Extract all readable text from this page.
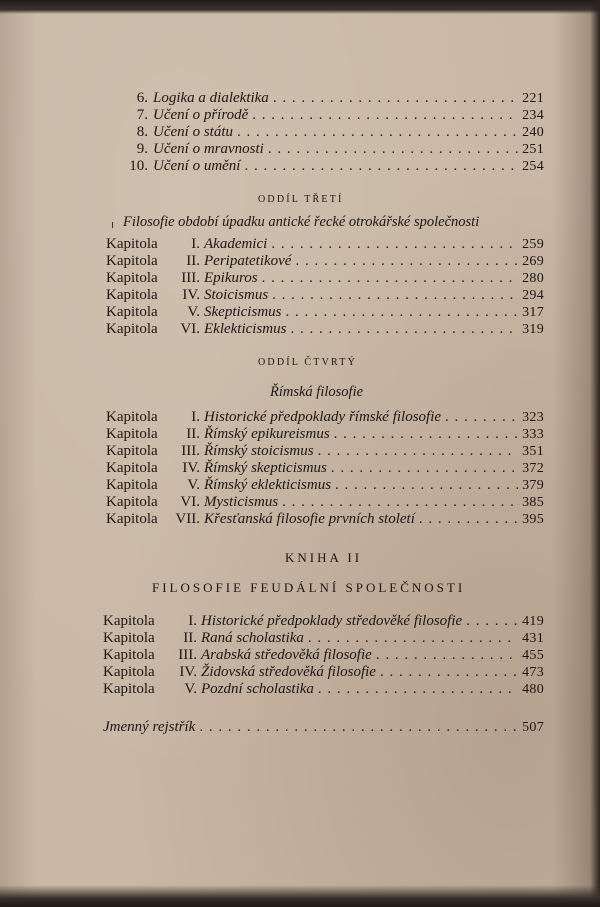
6. Logika a dialektika . . .	221
7. Učení o přírodě . . .	234
8. Učení o státu . . .	240
9. Učení o mravnosti . . .	251
10. Učení o umění . . .	254
ODDÍL TŘETÍ
Filosofie období úpadku antické řecké otrokářské společnosti
Kapitola	I. Akademici . . .	259
Kapitola	II. Peripatetikové . . .	269
Kapitola	III. Epikuros . . .	280
Kapitola	IV. Stoicismus . . .	294
Kapitola	V. Skepticismus . . .	317
Kapitola	VI. Eklekticismus . . .	319
ODDÍL ČTVRTÝ
Římská filosofie
Kapitola	I. Historické předpoklady římské filosofie . . .	323
Kapitola	II. Římský epikureismus . . .	333
Kapitola	III. Římský stoicismus . . .	351
Kapitola	IV. Římský skepticismus . . .	372
Kapitola	V. Římský eklekticismus . . .	379
Kapitola	VI. Mysticismus . . .	385
Kapitola	VII. Křesťanská filosofie prvních století . . .	395
KNIHA II
FILOSOFIE FEUDÁLNÍ SPOLEČNOSTI
Kapitola	I. Historické předpoklady středověké filosofie . . .	419
Kapitola	II. Raná scholastika . . .	431
Kapitola	III. Arabská středověká filosofie . . .	455
Kapitola	IV. Židovská středověká filosofie . . .	473
Kapitola	V. Pozdní scholastika . . .	480
Jmenný rejstřík . . .	507
